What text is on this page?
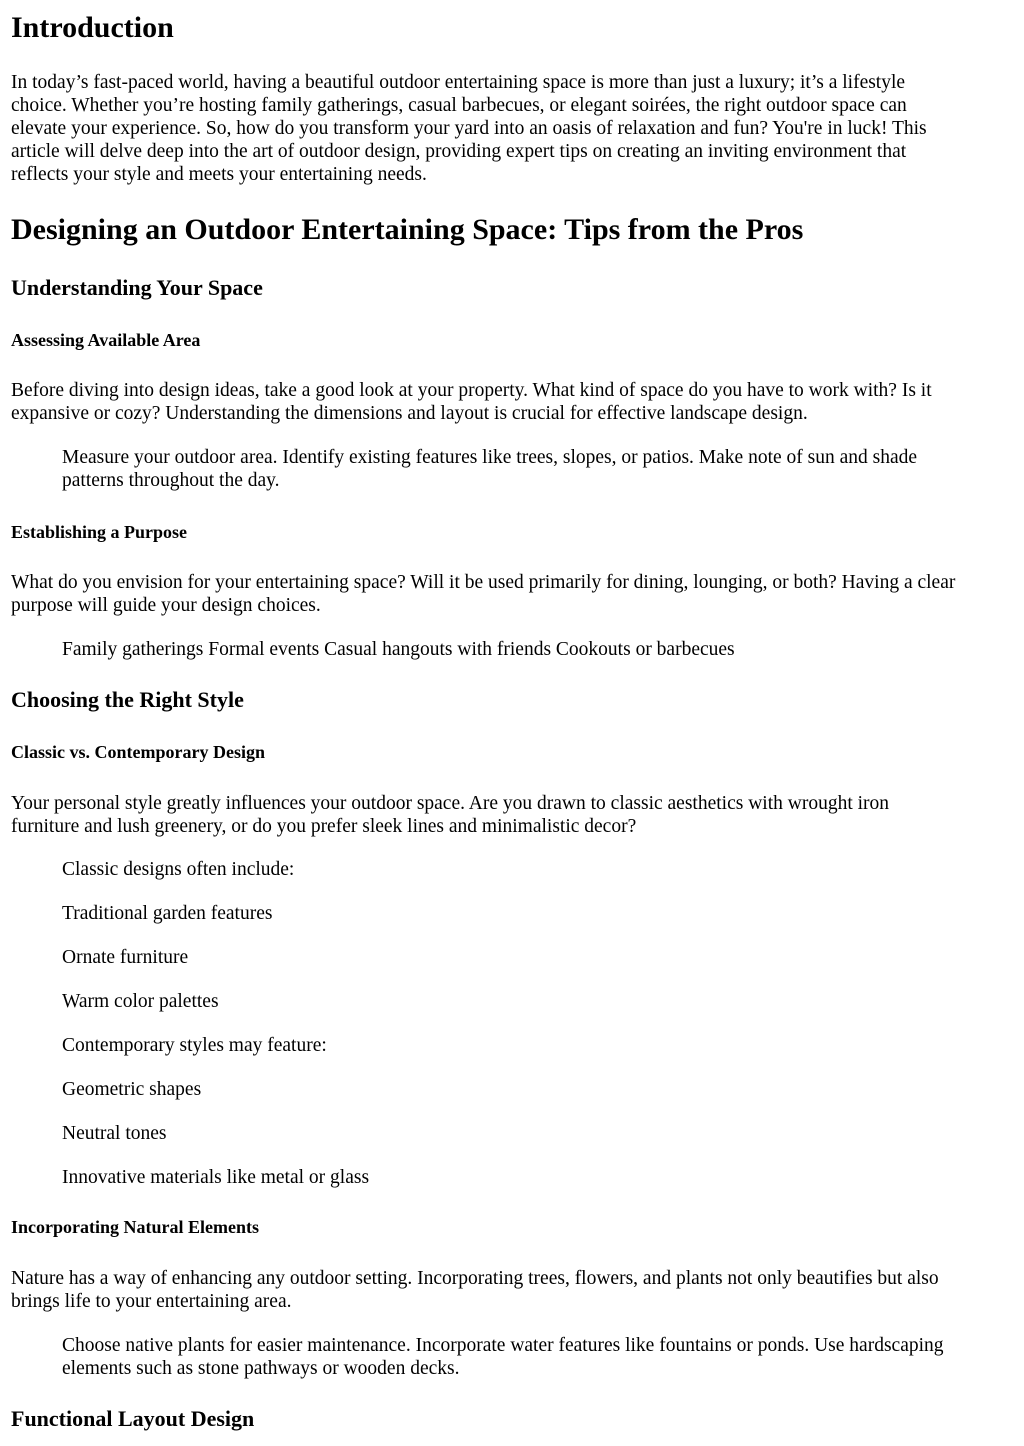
Introduction

In today’s fast-paced world, having a beautiful outdoor entertaining space is more than just a luxury; it’s a lifestyle

choice. Whether you’re hosting family gatherings, casual barbecues, or elegant soirées, the right outdoor space can

elevate your experience. So, how do you transform your yard into an oasis of relaxation and fun? You're in luck! This

article will delve deep into the art of outdoor design, providing expert tips on creating an inviting environment that

reflects your style and meets your entertaining needs.

Designing an Outdoor Entertaining Space: Tips from the Pros
Understanding Your Space
Assessing Available Area

Before diving into design ideas, take a good look at your property. What kind of space do you have to work with? Is it

expansive or cozy? Understanding the dimensions and layout is crucial for effective landscape design.

Measure your outdoor area. Identify existing features like trees, slopes, or patios. Make note of sun and shade

patterns throughout the day.

Establishing a Purpose

What do you envision for your entertaining space? Will it be used primarily for dining, lounging, or both? Having a clear

purpose will guide your design choices.

Family gatherings Formal events Casual hangouts with friends Cookouts or barbecues

Choosing the Right Style
Classic vs. Contemporary Design

Your personal style greatly influences your outdoor space. Are you drawn to classic aesthetics with wrought iron

furniture and lush greenery, or do you prefer sleek lines and minimalistic decor?

Classic designs often include:

Traditional garden features

Ornate furniture

Warm color palettes

Contemporary styles may feature:

Geometric shapes

Neutral tones

Innovative materials like metal or glass

Incorporating Natural Elements

Nature has a way of enhancing any outdoor setting. Incorporating trees, flowers, and plants not only beautifies but also

brings life to your entertaining area.

Choose native plants for easier maintenance. Incorporate water features like fountains or ponds. Use hardscaping

elements such as stone pathways or wooden decks.

Functional Layout Design
